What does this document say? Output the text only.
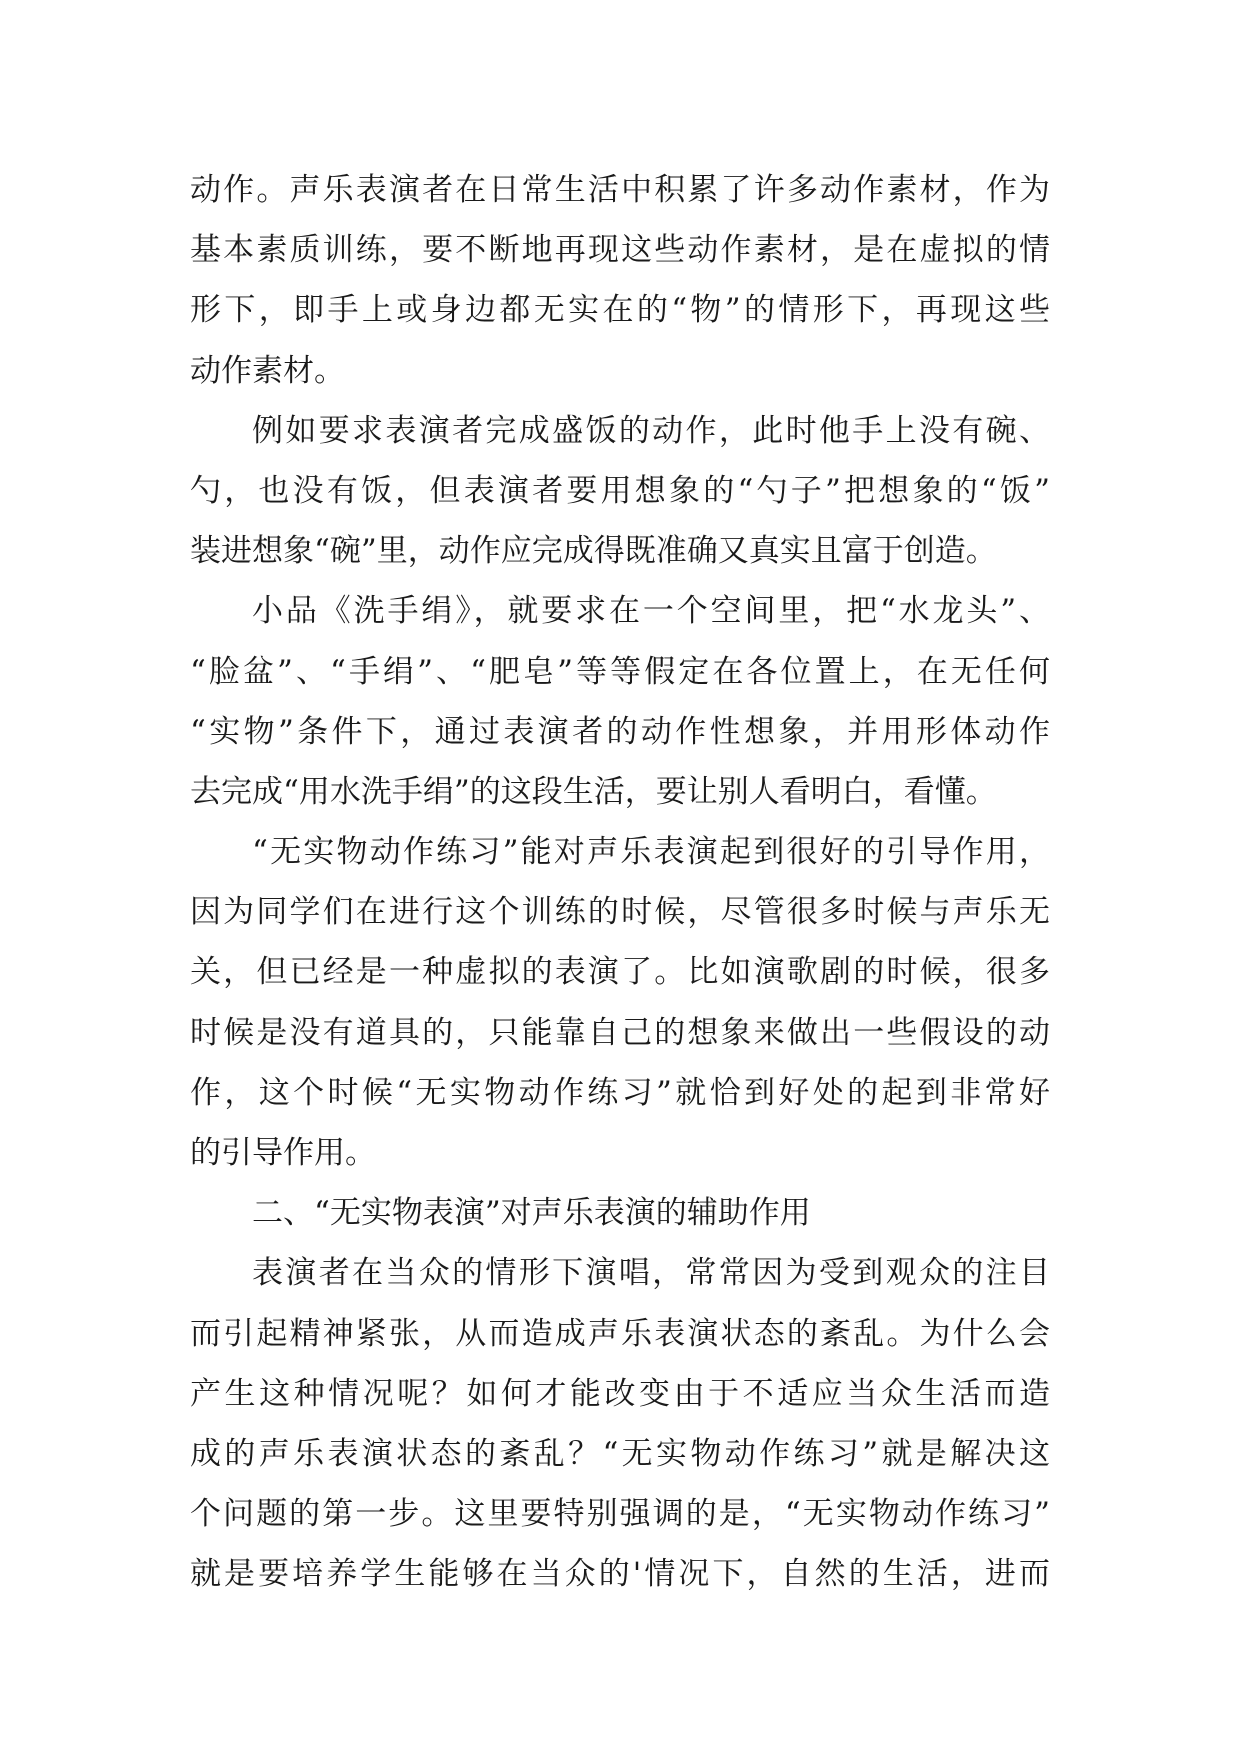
动作。声乐表演者在日常生活中积累了许多动作素材，作为
基本素质训练，要不断地再现这些动作素材，是在虚拟的情
形下，即手上或身边都无实在的“物”的情形下，再现这些
动作素材。
例如要求表演者完成盛饭的动作，此时他手上没有碗、
勺，也没有饭，但表演者要用想象的“勺子”把想象的“饭”
装进想象“碗”里，动作应完成得既准确又真实且富于创造。
小品《洗手绢》，就要求在一个空间里，把“水龙头”、
“脸盆”、“手绢”、“肥皂”等等假定在各位置上，在无任何
“实物”条件下，通过表演者的动作性想象，并用形体动作
去完成“用水洗手绢”的这段生活，要让别人看明白，看懂。
“无实物动作练习”能对声乐表演起到很好的引导作用，
因为同学们在进行这个训练的时候，尽管很多时候与声乐无
关，但已经是一种虚拟的表演了。比如演歌剧的时候，很多
时候是没有道具的，只能靠自己的想象来做出一些假设的动
作，这个时候“无实物动作练习”就恰到好处的起到非常好
的引导作用。
二、“无实物表演”对声乐表演的辅助作用
表演者在当众的情形下演唱，常常因为受到观众的注目
而引起精神紧张，从而造成声乐表演状态的紊乱。为什么会
产生这种情况呢？如何才能改变由于不适应当众生活而造
成的声乐表演状态的紊乱？“无实物动作练习”就是解决这
个问题的第一步。这里要特别强调的是，“无实物动作练习”
就是要培养学生能够在当众的'情况下，自然的生活，进而
